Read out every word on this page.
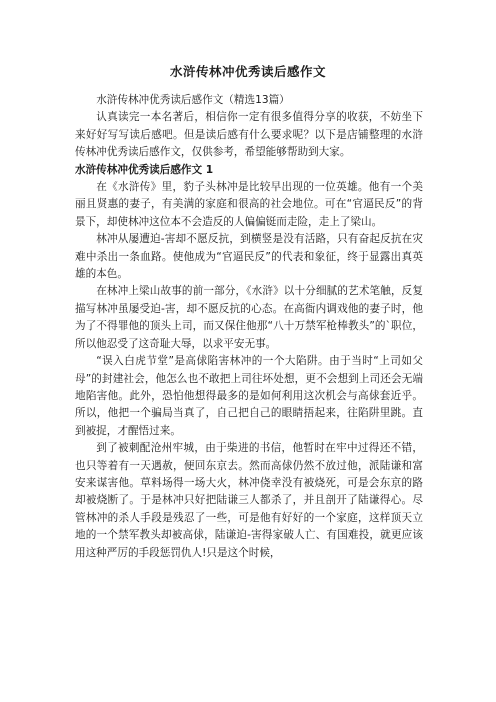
水浒传林冲优秀读后感作文

水浒传林冲优秀读后感作文（精选13篇）

认真读完一本名著后，相信你一定有很多值得分享的收获，不妨坐下来好好写写读后感吧。但是读后感有什么要求呢？以下是店铺整理的水浒传林冲优秀读后感作文，仅供参考，希望能够帮助到大家。

水浒传林冲优秀读后感作文 1

在《水浒传》里，豹子头林冲是比较早出现的一位英雄。他有一个美丽且贤惠的妻子，有美满的家庭和很高的社会地位。可在“官逼民反”的背景下，却使林冲这位本不会造反的人偏偏铤而走险，走上了梁山。

林冲从屡遭迫-害却不愿反抗，到横竖是没有活路，只有奋起反抗在灾难中杀出一条血路。使他成为“官逼民反”的代表和象征，终于显露出真英雄的本色。

在林冲上梁山故事的前一部分，《水浒》以十分细腻的艺术笔触，反复描写林冲虽屡受迫-害，却不愿反抗的心态。在高衙内调戏他的妻子时，他为了不得罪他的顶头上司，而又保住他那“八十万禁军枪棒教头”的`职位，所以他忍受了这奇耻大辱，以求平安无事。

“误入白虎节堂”是高俅陷害林冲的一个大陷阱。由于当时“上司如父母”的封建社会，他怎么也不敢把上司往坏处想，更不会想到上司还会无端地陷害他。此外，恐怕他想得最多的是如何利用这次机会与高俅套近乎。所以，他把一个骗局当真了，自己把自己的眼睛捂起来，往陷阱里跳。直到被捉，才醒悟过来。

到了被刺配沧州牢城，由于柴进的书信，他暂时在牢中过得还不错，也只等着有一天遇赦，便回东京去。然而高俅仍然不放过他，派陆谦和富安来谋害他。草料场得一场大火，林冲侥幸没有被烧死，可是会东京的路却被烧断了。于是林冲只好把陆谦三人都杀了，并且剖开了陆谦得心。尽管林冲的杀人手段是残忍了一些，可是他有好好的一个家庭，这样顶天立地的一个禁军教头却被高俅，陆谦迫-害得家破人亡、有国难投，就更应该用这种严厉的手段惩罚仇人!只是这个时候，
